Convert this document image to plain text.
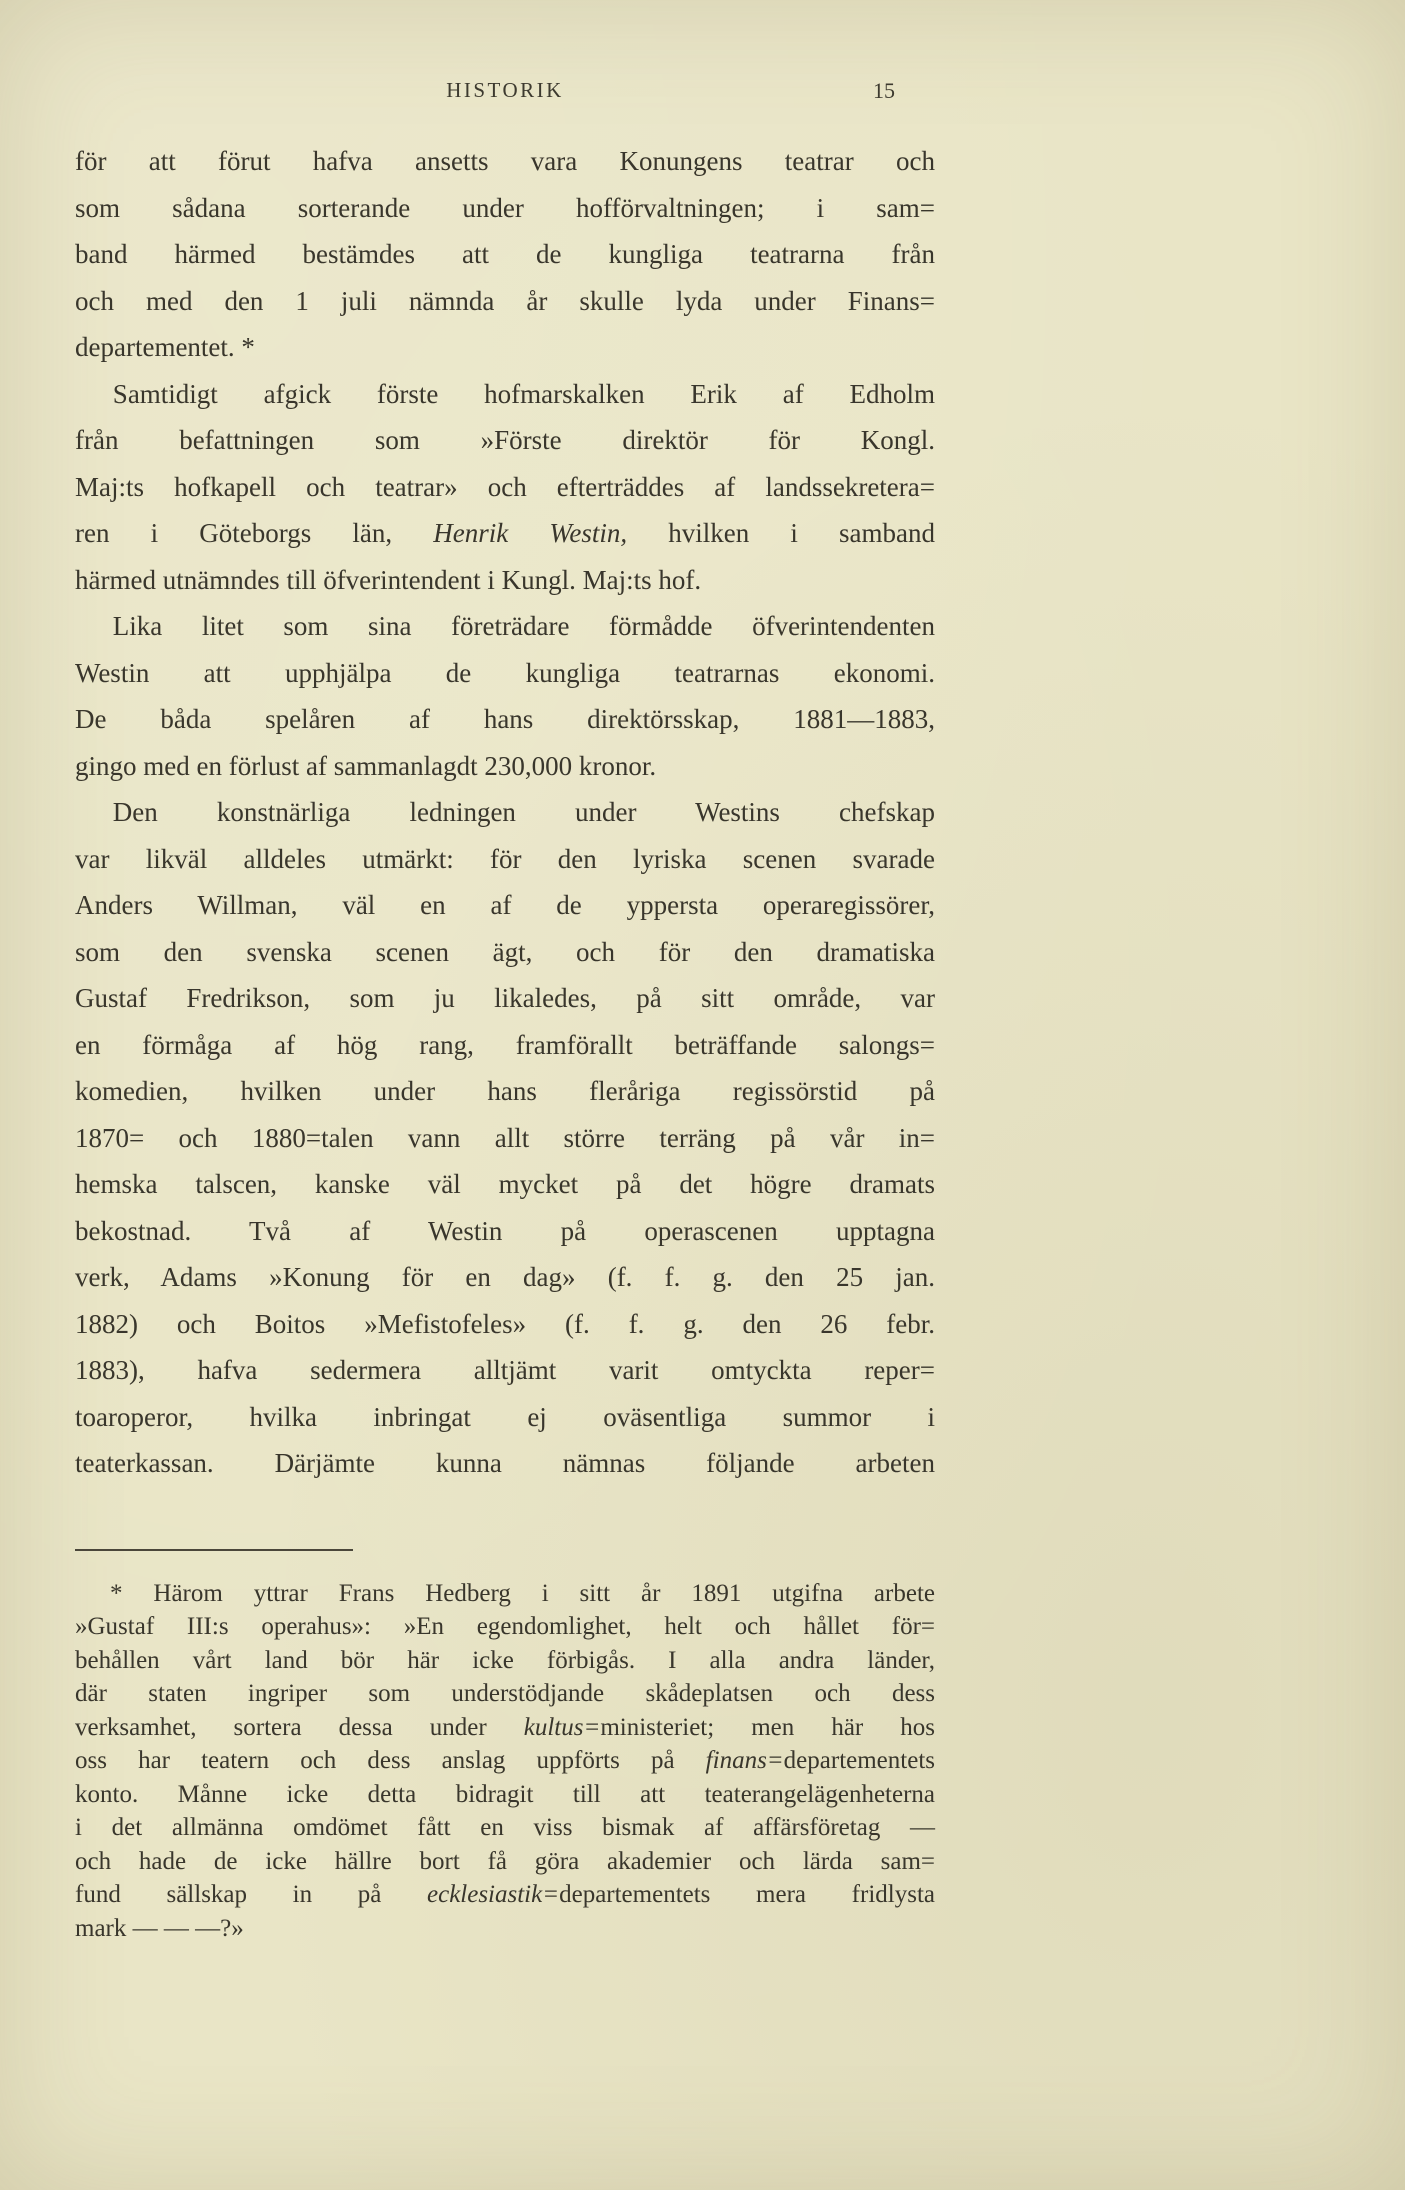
HISTORIK	15
för att förut hafva ansetts vara Konungens teatrar och
som sådana sorterande under hofförvaltningen; i sam=
band härmed bestämdes att de kungliga teatrarna från
och med den 1 juli nämnda år skulle lyda under Finans=
departementet. *
Samtidigt afgick förste hofmarskalken Erik af Edholm
från befattningen som »Förste direktör för Kongl.
Maj:ts hofkapell och teatrar» och efterträddes af landssekretera=
ren i Göteborgs län, Henrik Westin, hvilken i samband
härmed utnämndes till öfverintendent i Kungl. Maj:ts hof.
Lika litet som sina företrädare förmådde öfverintendenten
Westin att upphjälpa de kungliga teatrarnas ekonomi.
De båda spelåren af hans direktörsskap, 1881—1883,
gingo med en förlust af sammanlagdt 230,000 kronor.
Den konstnärliga ledningen under Westins chefskap
var likväl alldeles utmärkt: för den lyriska scenen svarade
Anders Willman, väl en af de yppersta operaregissörer,
som den svenska scenen ägt, och för den dramatiska
Gustaf Fredrikson, som ju likaledes, på sitt område, var
en förmåga af hög rang, framförallt beträffande salongs=
komedien, hvilken under hans fleråriga regissörstid på
1870= och 1880=talen vann allt större terräng på vår in=
hemska talscen, kanske väl mycket på det högre dramats
bekostnad. Två af Westin på operascenen upptagna
verk, Adams »Konung för en dag» (f. f. g. den 25 jan.
1882) och Boitos »Mefistofeles» (f. f. g. den 26 febr.
1883), hafva sedermera alltjämt varit omtyckta reper=
toaroperor, hvilka inbringat ej oväsentliga summor i
teaterkassan. Därjämte kunna nämnas följande arbeten
* Härom yttrar Frans Hedberg i sitt år 1891 utgifna arbete
»Gustaf III:s operahus»: »En egendomlighet, helt och hållet för=
behållen vårt land bör här icke förbigås. I alla andra länder,
där staten ingriper som understödjande skådeplatsen och dess
verksamhet, sortera dessa under kultus=ministeriet; men här hos
oss har teatern och dess anslag uppförts på finans=departementets
konto. Månne icke detta bidragit till att teaterangelägenheterna
i det allmänna omdömet fått en viss bismak af affärsföretag —
och hade de icke hällre bort få göra akademier och lärda sam=
fund sällskap in på ecklesiastik=departementets mera fridlysta
mark — — —?»
